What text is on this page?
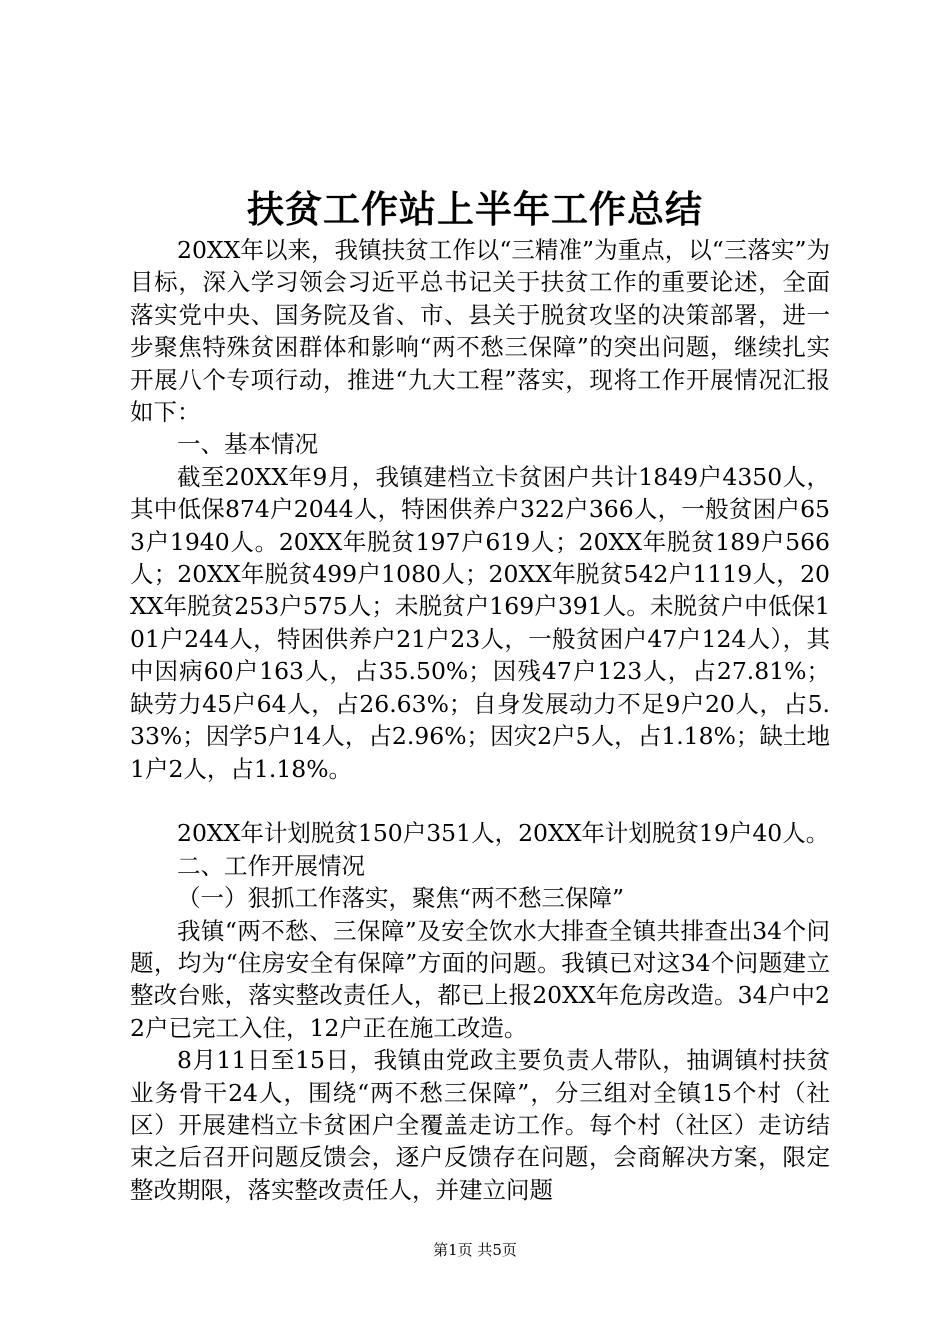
扶贫工作站上半年工作总结

20XX年以来，我镇扶贫工作以“三精准”为重点，以“三落实”为目标，深入学习领会习近平总书记关于扶贫工作的重要论述，全面落实党中央、国务院及省、市、县关于脱贫攻坚的决策部署，进一步聚焦特殊贫困群体和影响“两不愁三保障”的突出问题，继续扎实开展八个专项行动，推进“九大工程”落实，现将工作开展情况汇报如下：

一、基本情况

截至20XX年9月，我镇建档立卡贫困户共计1849户4350人，其中低保874户2044人，特困供养户322户366人，一般贫困户653户1940人。20XX年脱贫197户619人；20XX年脱贫189户566人；20XX年脱贫499户1080人；20XX年脱贫542户1119人，20XX年脱贫253户575人；未脱贫户169户391人。未脱贫户中低保101户244人，特困供养户21户23人，一般贫困户47户124人），其中因病60户163人，占35.50%；因残47户123人，占27.81%；缺劳力45户64人，占26.63%；自身发展动力不足9户20人，占5.33%；因学5户14人，占2.96%；因灾2户5人，占1.18%；缺土地1户2人，占1.18%。

20XX年计划脱贫150户351人，20XX年计划脱贫19户40人。

二、工作开展情况

（一）狠抓工作落实，聚焦“两不愁三保障”

我镇“两不愁、三保障”及安全饮水大排查全镇共排查出34个问题，均为“住房安全有保障”方面的问题。我镇已对这34个问题建立整改台账，落实整改责任人，都已上报20XX年危房改造。34户中22户已完工入住，12户正在施工改造。

8月11日至15日，我镇由党政主要负责人带队，抽调镇村扶贫业务骨干24人，围绕“两不愁三保障”，分三组对全镇15个村（社区）开展建档立卡贫困户全覆盖走访工作。每个村（社区）走访结束之后召开问题反馈会，逐户反馈存在问题，会商解决方案，限定整改期限，落实整改责任人，并建立问题

第1页 共5页
